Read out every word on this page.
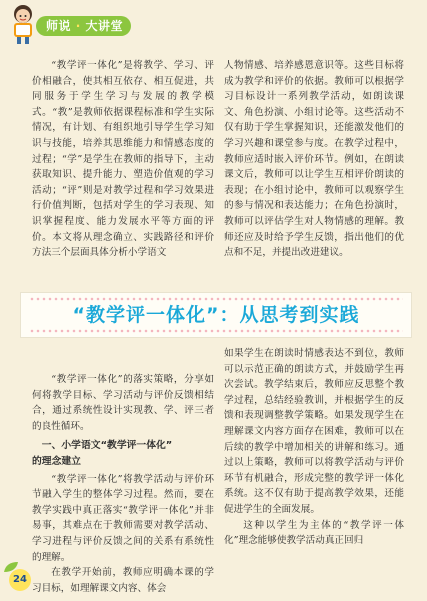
师说 · 大讲堂

“教学评一体化”是将教学、学习、评价相融合，使其相互依存、相互促进，共同服务于学生学习与发展的教学模式。“教”是教师依据课程标准和学生实际情况，有计划、有组织地引导学生学习知识与技能，培养其思维能力和情感态度的过程；“学”是学生在教师的指导下，主动获取知识、提升能力、塑造价值观的学习活动；“评”则是对教学过程和学习效果进行价值判断，包括对学生的学习表现、知识掌握程度、能力发展水平等方面的评价。本文将从理念确立、实践路径和评价方法三个层面具体分析小学语文

人物情感、培养感恩意识等。这些目标将成为教学和评价的依据。教师可以根据学习目标设计一系列教学活动，如朗读课文、角色扮演、小组讨论等。这些活动不仅有助于学生掌握知识，还能激发他们的学习兴趣和课堂参与度。在教学过程中，教师应适时嵌入评价环节。例如，在朗读课文后，教师可以让学生互相评价朗读的表现；在小组讨论中，教师可以观察学生的参与情况和表达能力；在角色扮演时，教师可以评估学生对人物情感的理解。教师还应及时给予学生反馈，指出他们的优点和不足，并提出改进建议。

“教学评一体化”：从思考到实践

“教学评一体化”的落实策略，分享如何将教学目标、学习活动与评价反馈相结合，通过系统性设计实现教、学、评三者的良性循环。

一、小学语文“教学评一体化”
的理念建立

“教学评一体化”将教学活动与评价环节融入学生的整体学习过程。然而，要在教学实践中真正落实“教学评一体化”并非易事，其难点在于教师需要对教学活动、学习进程与评价反馈之间的关系有系统性的理解。

在教学开始前，教师应明确本课的学习目标，如理解课文内容、体会

如果学生在朗读时情感表达不到位，教师可以示范正确的朗读方式，并鼓励学生再次尝试。教学结束后，教师应反思整个教学过程，总结经验教训，并根据学生的反馈和表现调整教学策略。如果发现学生在理解课文内容方面存在困难，教师可以在后续的教学中增加相关的讲解和练习。通过以上策略，教师可以将教学活动与评价环节有机融合，形成完整的教学评一体化系统。这不仅有助于提高教学效果，还能促进学生的全面发展。

这种以学生为主体的“教学评一体化”理念能够使教学活动真正回归

24
